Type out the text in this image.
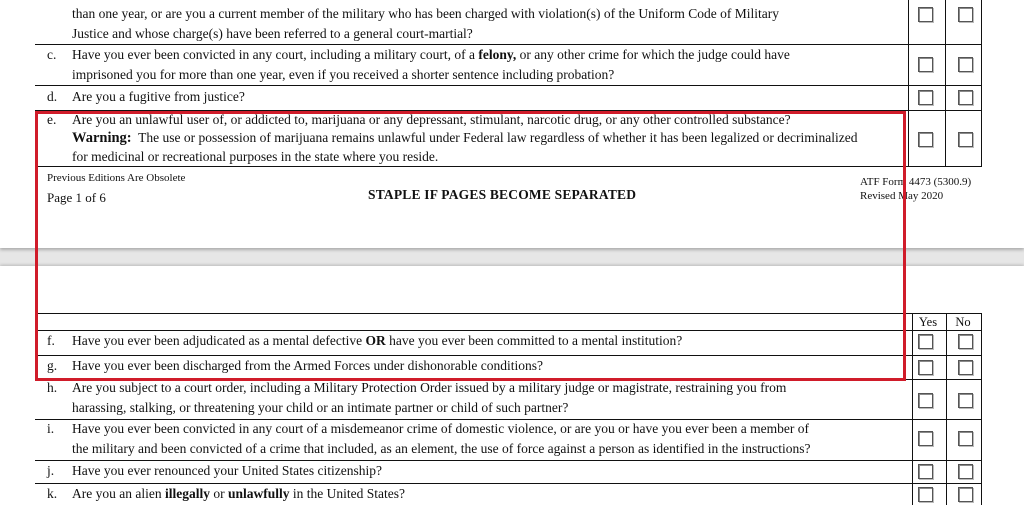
than one year, or are you a current member of the military who has been charged with violation(s) of the Uniform Code of Military
Justice and whose charge(s) have been referred to a general court-martial?
c. Have you ever been convicted in any court, including a military court, of a felony, or any other crime for which the judge could have
imprisoned you for more than one year, even if you received a shorter sentence including probation?
d. Are you a fugitive from justice?
e. Are you an unlawful user of, or addicted to, marijuana or any depressant, stimulant, narcotic drug, or any other controlled substance?
Warning: The use or possession of marijuana remains unlawful under Federal law regardless of whether it has been legalized or decriminalized
for medicinal or recreational purposes in the state where you reside.
Previous Editions Are Obsolete
Page 1 of 6	STAPLE IF PAGES BECOME SEPARATED
ATF Form 4473 (5300.9)
Revised May 2020
Yes	No
f. Have you ever been adjudicated as a mental defective OR have you ever been committed to a mental institution?
g. Have you ever been discharged from the Armed Forces under dishonorable conditions?
h. Are you subject to a court order, including a Military Protection Order issued by a military judge or magistrate, restraining you from
harassing, stalking, or threatening your child or an intimate partner or child of such partner?
i. Have you ever been convicted in any court of a misdemeanor crime of domestic violence, or are you or have you ever been a member of
the military and been convicted of a crime that included, as an element, the use of force against a person as identified in the instructions?
j. Have you ever renounced your United States citizenship?
k. Are you an alien illegally or unlawfully in the United States?
